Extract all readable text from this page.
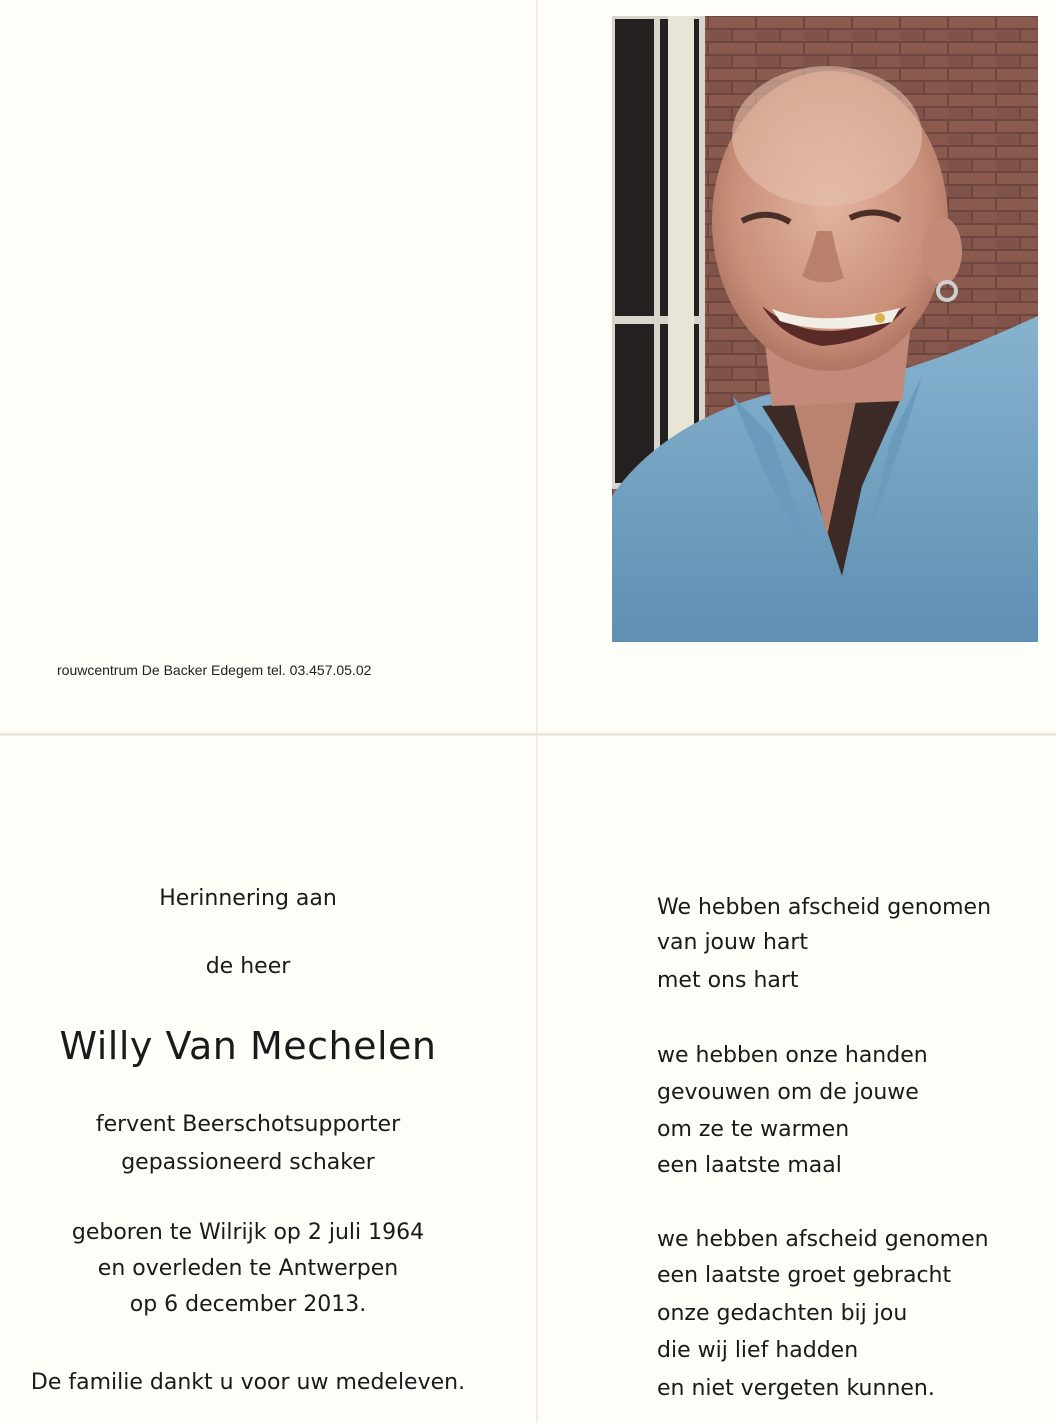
rouwcentrum De Backer Edegem tel. 03.457.05.02
Herinnering aan
de heer
Willy Van Mechelen
fervent Beerschotsupporter
gepassioneerd schaker
geboren te Wilrijk op 2 juli 1964
en overleden te Antwerpen
op 6 december 2013.
De familie dankt u voor uw medeleven.
We hebben afscheid genomen
van jouw hart
met ons hart
we hebben onze handen
gevouwen om de jouwe
om ze te warmen
een laatste maal
we hebben afscheid genomen
een laatste groet gebracht
onze gedachten bij jou
die wij lief hadden
en niet vergeten kunnen.
